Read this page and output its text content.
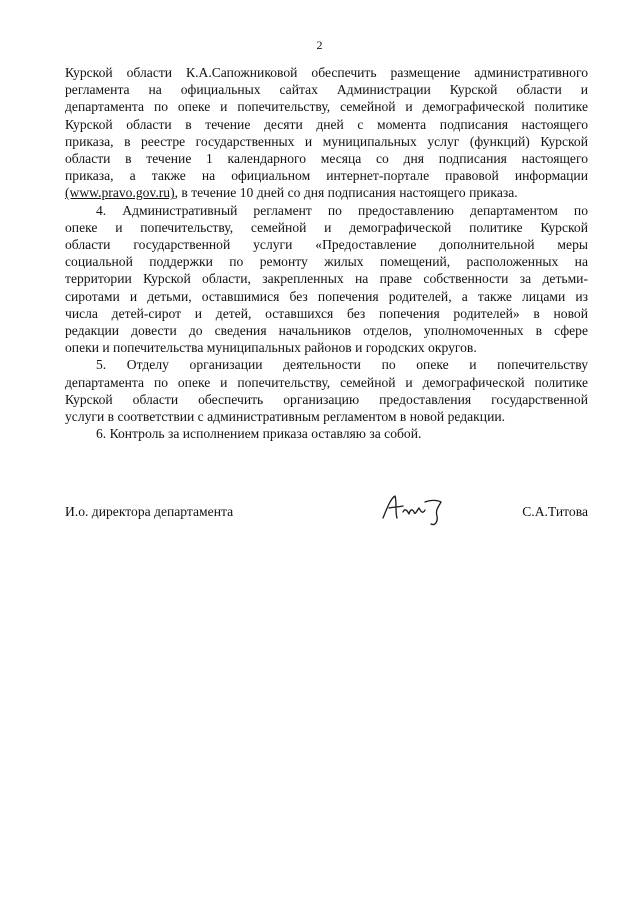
2

Курской области К.А.Сапожниковой обеспечить размещение административного
регламента на официальных сайтах Администрации Курской области и
департамента по опеке и попечительству, семейной и демографической политике
Курской области в течение десяти дней с момента подписания настоящего
приказа, в реестре государственных и муниципальных услуг (функций) Курской
области в течение 1 календарного месяца со дня подписания настоящего
приказа, а также на официальном интернет-портале правовой информации
(www.pravo.gov.ru), в течение 10 дней со дня подписания настоящего приказа.

4. Административный регламент по предоставлению департаментом по
опеке и попечительству, семейной и демографической политике Курской
области государственной услуги «Предоставление дополнительной меры
социальной поддержки по ремонту жилых помещений, расположенных на
территории Курской области, закрепленных на праве собственности за детьми-
сиротами и детьми, оставшимися без попечения родителей, а также лицами из
числа детей-сирот и детей, оставшихся без попечения родителей» в новой
редакции довести до сведения начальников отделов, уполномоченных в сфере
опеки и попечительства муниципальных районов и городских округов.

5. Отделу организации деятельности по опеке и попечительству
департамента по опеке и попечительству, семейной и демографической политике
Курской области обеспечить организацию предоставления государственной
услуги в соответствии с административным регламентом в новой редакции.

6. Контроль за исполнением приказа оставляю за собой.

И.о. директора департамента	С.А.Титова
